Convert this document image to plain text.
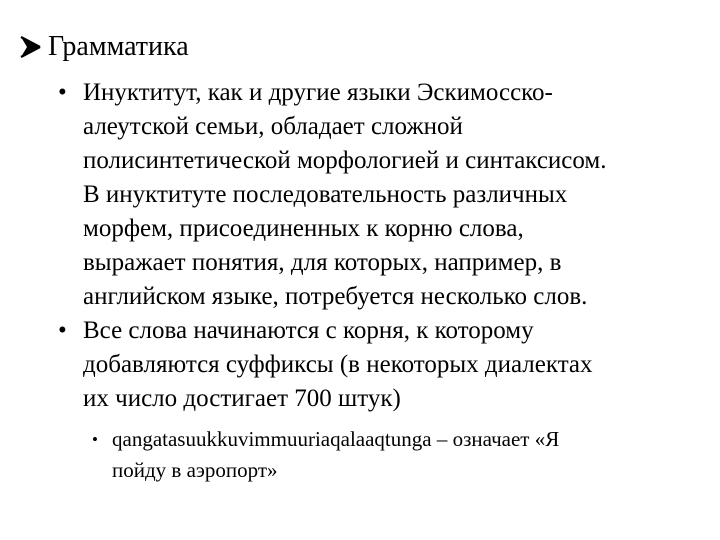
Грамматика
• Инуктитут, как и другие языки Эскимосско-
алеутской семьи, обладает сложной
полисинтетической морфологией и синтаксисом.
В инуктитуте последовательность различных
морфем, присоединенных к корню слова,
выражает понятия, для которых, например, в
английском языке, потребуется несколько слов.
• Все слова начинаются с корня, к которому
добавляются суффиксы (в некоторых диалектах
их число достигает 700 штук)
• qangatasuukkuvimmuuriaqalaaqtunga – означает «Я
пойду в аэропорт»
